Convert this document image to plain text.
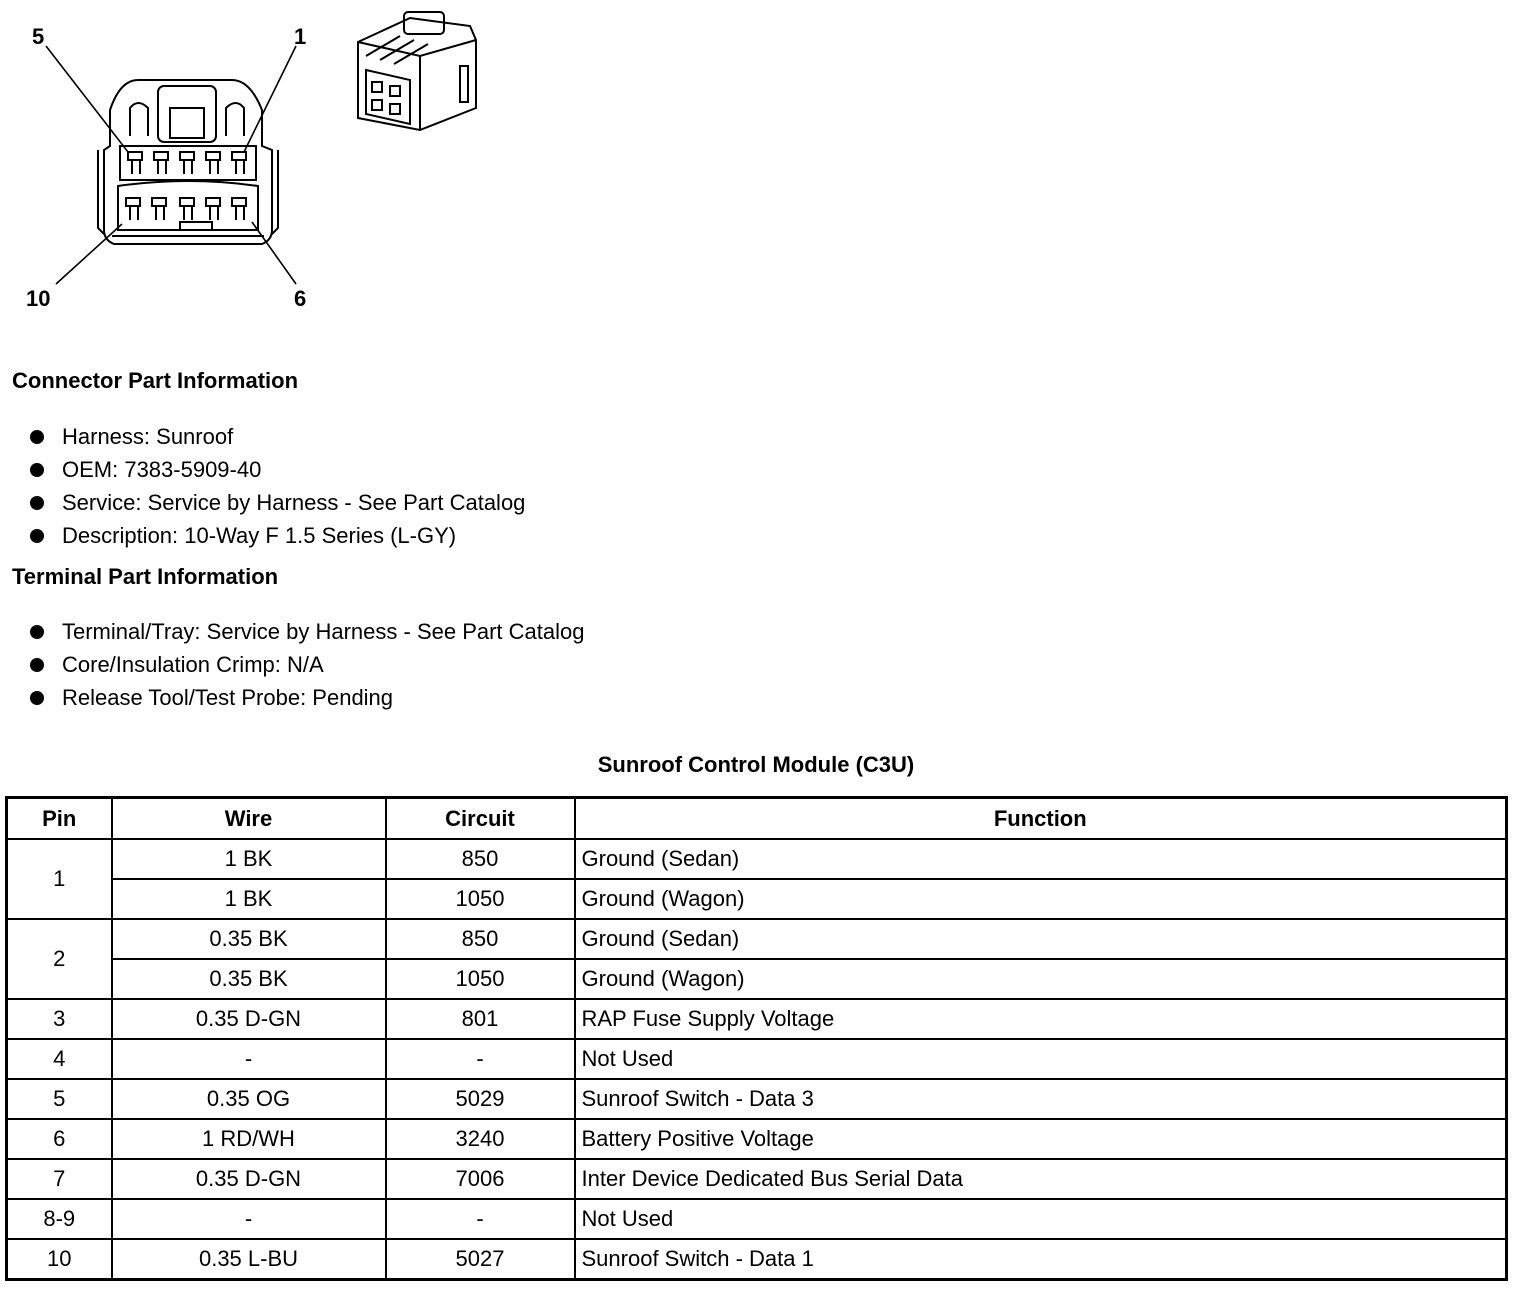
5	1
10	6
Connector Part Information
Harness: Sunroof
OEM: 7383-5909-40
Service: Service by Harness - See Part Catalog
Description: 10-Way F 1.5 Series (L-GY)
Terminal Part Information
Terminal/Tray: Service by Harness - See Part Catalog
Core/Insulation Crimp: N/A
Release Tool/Test Probe: Pending
Sunroof Control Module (C3U)
Pin	Wire	Circuit	Function
1	1 BK	850	Ground (Sedan)
	1 BK	1050	Ground (Wagon)
2	0.35 BK	850	Ground (Sedan)
	0.35 BK	1050	Ground (Wagon)
3	0.35 D-GN	801	RAP Fuse Supply Voltage
4	-	-	Not Used
5	0.35 OG	5029	Sunroof Switch - Data 3
6	1 RD/WH	3240	Battery Positive Voltage
7	0.35 D-GN	7006	Inter Device Dedicated Bus Serial Data
8-9	-	-	Not Used
10	0.35 L-BU	5027	Sunroof Switch - Data 1
